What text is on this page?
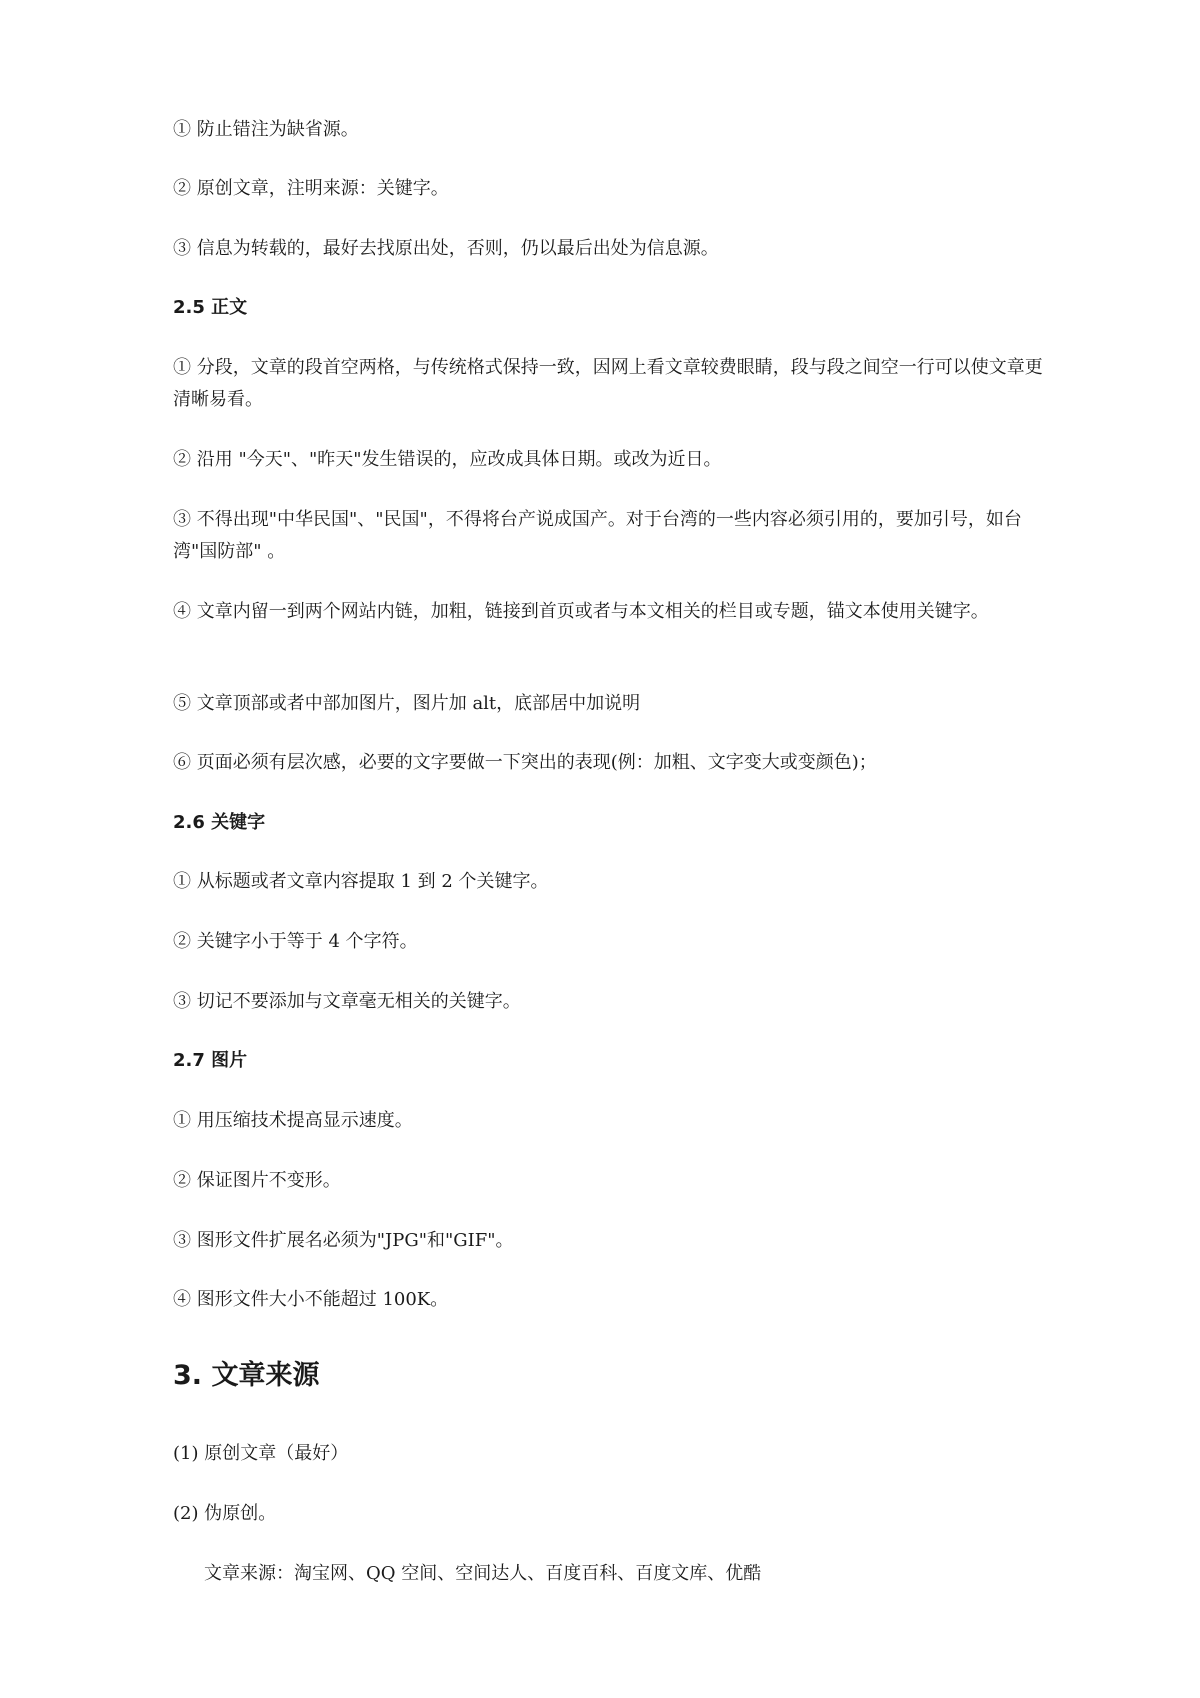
① 防止错注为缺省源。
② 原创文章，注明来源：关键字。
③ 信息为转载的，最好去找原出处，否则，仍以最后出处为信息源。
2.5 正文
① 分段，文章的段首空两格，与传统格式保持一致，因网上看文章较费眼睛，段与段之间空一行可以使文章更清晰易看。
② 沿用 "今天"、"昨天"发生错误的，应改成具体日期。或改为近日。
③ 不得出现"中华民国"、"民国"，不得将台产说成国产。对于台湾的一些内容必须引用的，要加引号，如台湾"国防部" 。
④ 文章内留一到两个网站内链，加粗，链接到首页或者与本文相关的栏目或专题，锚文本使用关键字。
⑤ 文章顶部或者中部加图片，图片加 alt，底部居中加说明
⑥ 页面必须有层次感，必要的文字要做一下突出的表现(例：加粗、文字变大或变颜色)；
2.6 关键字
① 从标题或者文章内容提取 1 到 2 个关键字。
② 关键字小于等于 4 个字符。
③ 切记不要添加与文章毫无相关的关键字。
2.7 图片
① 用压缩技术提高显示速度。
② 保证图片不变形。
③ 图形文件扩展名必须为"JPG"和"GIF"。
④ 图形文件大小不能超过 100K。
3. 文章来源
(1) 原创文章（最好）
(2) 伪原创。
文章来源：淘宝网、QQ 空间、空间达人、百度百科、百度文库、优酷
